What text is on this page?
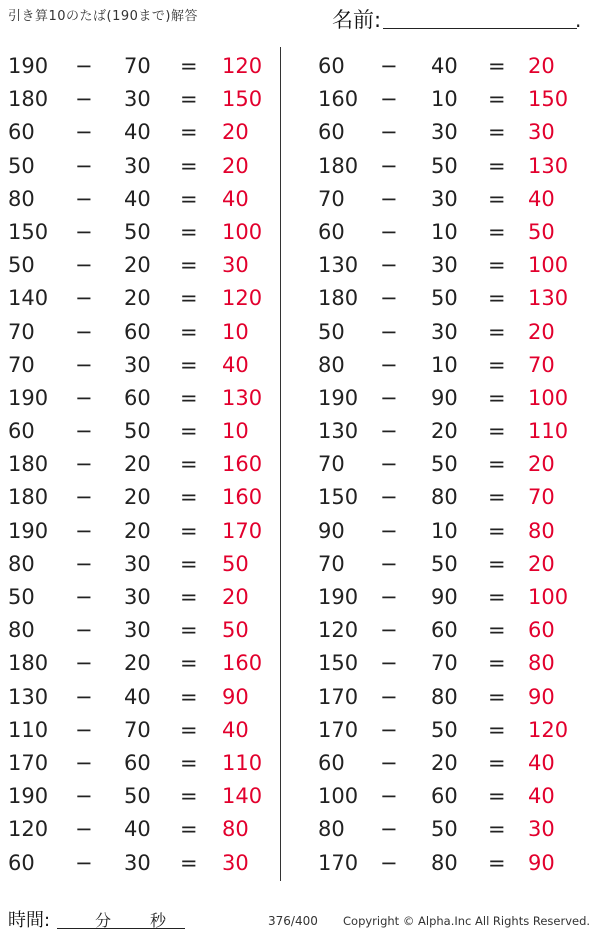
引き算10のたば(190まで)解答	名前:	.
190 − 70 = 120
180 − 30 = 150
60 − 40 = 20
50 − 30 = 20
80 − 40 = 40
150 − 50 = 100
50 − 20 = 30
140 − 20 = 120
70 − 60 = 10
70 − 30 = 40
190 − 60 = 130
60 − 50 = 10
180 − 20 = 160
180 − 20 = 160
190 − 20 = 170
80 − 30 = 50
50 − 30 = 20
80 − 30 = 50
180 − 20 = 160
130 − 40 = 90
110 − 70 = 40
170 − 60 = 110
190 − 50 = 140
120 − 40 = 80
60 − 30 = 30
60 − 40 = 20
160 − 10 = 150
60 − 30 = 30
180 − 50 = 130
70 − 30 = 40
60 − 10 = 50
130 − 30 = 100
180 − 50 = 130
50 − 30 = 20
80 − 10 = 70
190 − 90 = 100
130 − 20 = 110
70 − 50 = 20
150 − 80 = 70
90 − 10 = 80
70 − 50 = 20
190 − 90 = 100
120 − 60 = 60
150 − 70 = 80
170 − 80 = 90
170 − 50 = 120
60 − 20 = 40
100 − 60 = 40
80 − 50 = 30
170 − 80 = 90
時間:	分 秒	376/400 Copyright © Alpha.Inc All Rights Reserved.
